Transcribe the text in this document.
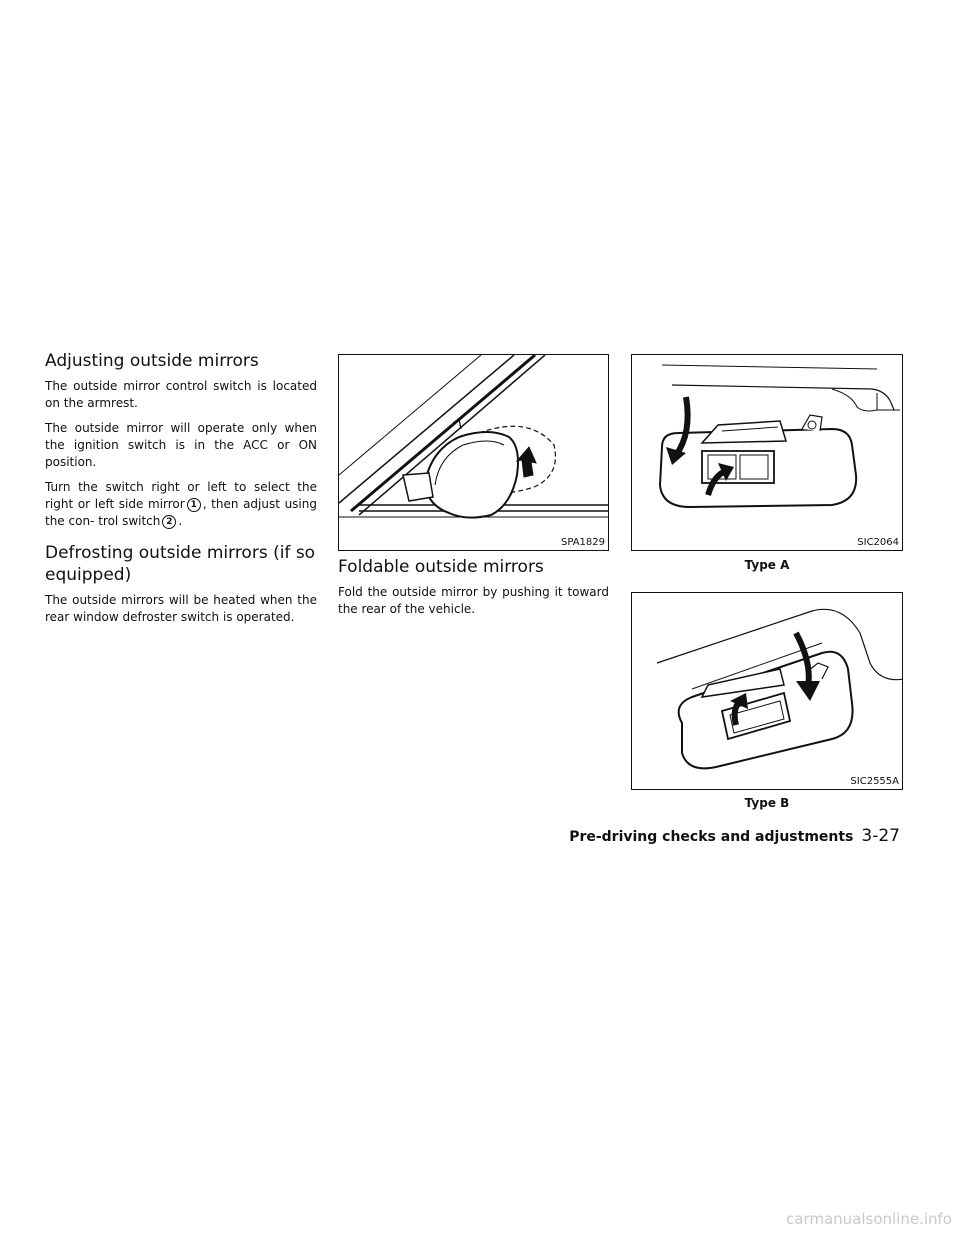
Adjusting outside mirrors

The outside mirror control switch is located on the armrest.

The outside mirror will operate only when the ignition switch is in the ACC or ON position.

Turn the switch right or left to select the right or left side mirror 1 , then adjust using the con- trol switch 2 .

Defrosting outside mirrors (if so equipped)

The outside mirrors will be heated when the rear window defroster switch is operated.

SPA1829
Foldable outside mirrors

Fold the outside mirror by pushing it toward the rear of the vehicle.

SIC2064
Type A
SIC2555A
Type B
Pre-driving checks and adjustments 3-27
carmanualsonline.info
